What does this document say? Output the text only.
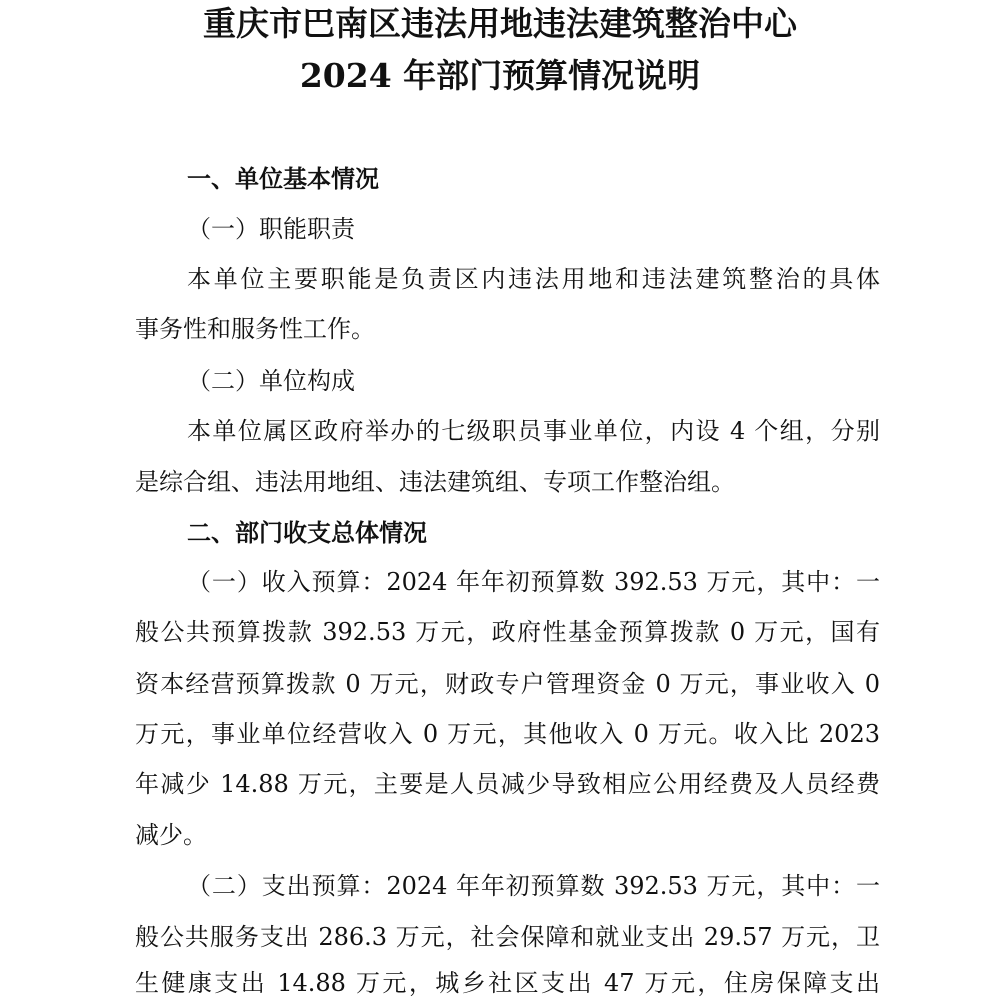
重庆市巴南区违法用地违法建筑整治中心
2024 年部门预算情况说明
一、单位基本情况
（一）职能职责
本单位主要职能是负责区内违法用地和违法建筑整治的具体
事务性和服务性工作。
（二）单位构成
本单位属区政府举办的七级职员事业单位，内设 4 个组，分别
是综合组、违法用地组、违法建筑组、专项工作整治组。
二、部门收支总体情况
（一）收入预算：2024 年年初预算数 392.53 万元，其中：一
般公共预算拨款 392.53 万元，政府性基金预算拨款 0 万元，国有
资本经营预算拨款 0 万元，财政专户管理资金 0 万元，事业收入 0
万元，事业单位经营收入 0 万元，其他收入 0 万元。收入比 2023
年减少 14.88 万元，主要是人员减少导致相应公用经费及人员经费
减少。
（二）支出预算：2024 年年初预算数 392.53 万元，其中：一
般公共服务支出 286.3 万元，社会保障和就业支出 29.57 万元，卫
生健康支出 14.88 万元，城乡社区支出 47 万元，住房保障支出
